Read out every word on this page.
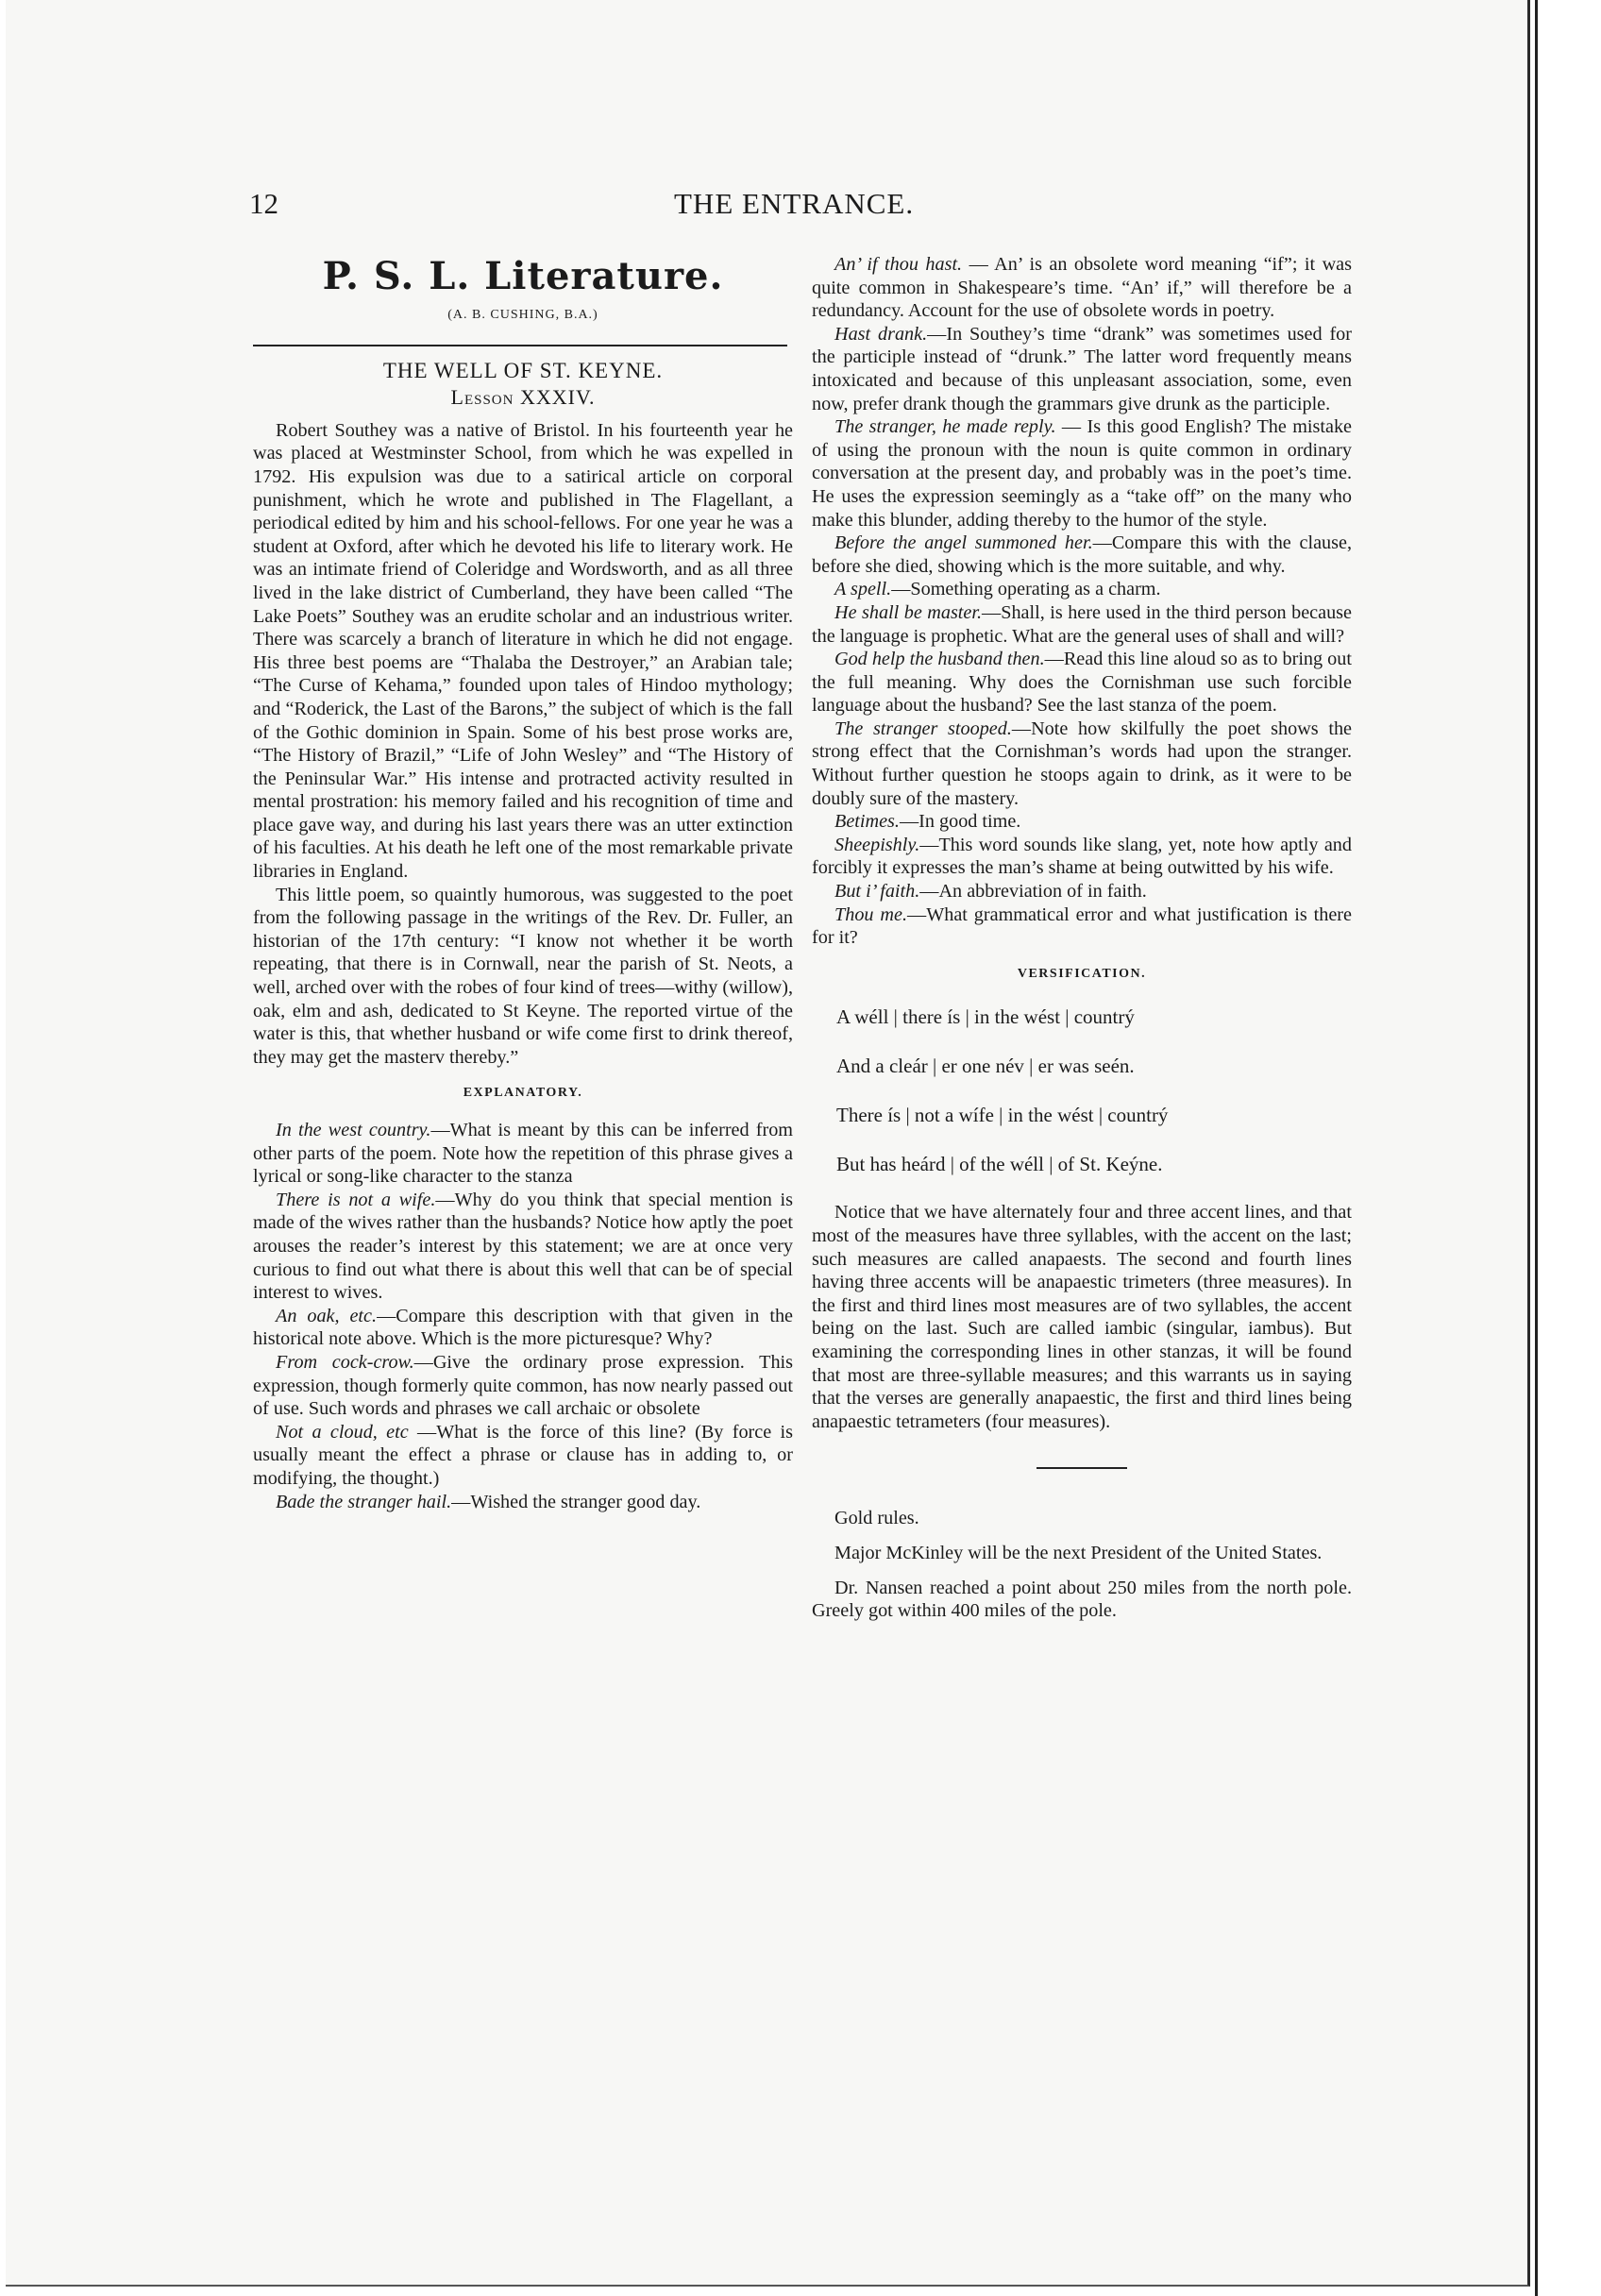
12	THE ENTRANCE.
P. S. L. Literature.
(A. B. CUSHING, B.A.)
THE WELL OF ST. KEYNE.
Lesson XXXIV.

Robert Southey was a native of Bristol. In his fourteenth year he was placed at Westminster School, from which he was expelled in 1792. His expulsion was due to a satirical article on corporal punishment, which he wrote and published in The Flagellant, a periodical edited by him and his school-fellows. For one year he was a student at Oxford, after which he devoted his life to literary work. He was an intimate friend of Coleridge and Wordsworth, and as all three lived in the lake district of Cumberland, they have been called “The Lake Poets” Southey was an erudite scholar and an industrious writer. There was scarcely a branch of literature in which he did not engage. His three best poems are “Thalaba the Destroyer,” an Arabian tale; “The Curse of Kehama,” founded upon tales of Hindoo mythology; and “Roderick, the Last of the Barons,” the subject of which is the fall of the Gothic dominion in Spain. Some of his best prose works are, “The History of Brazil,” “Life of John Wesley” and “The History of the Peninsular War.” His intense and protracted activity resulted in mental prostration: his memory failed and his recognition of time and place gave way, and during his last years there was an utter extinction of his faculties. At his death he left one of the most remarkable private libraries in England.

This little poem, so quaintly humorous, was suggested to the poet from the following passage in the writings of the Rev. Dr. Fuller, an historian of the 17th century: “I know not whether it be worth repeating, that there is in Cornwall, near the parish of St. Neots, a well, arched over with the robes of four kind of trees—withy (willow), oak, elm and ash, dedicated to St Keyne. The reported virtue of the water is this, that whether husband or wife come first to drink thereof, they may get the masterv thereby.”

EXPLANATORY.

In the west country.—What is meant by this can be inferred from other parts of the poem. Note how the repetition of this phrase gives a lyrical or song-like character to the stanza

There is not a wife.—Why do you think that special mention is made of the wives rather than the husbands? Notice how aptly the poet arouses the reader’s interest by this statement; we are at once very curious to find out what there is about this well that can be of special interest to wives.

An oak, etc.—Compare this description with that given in the historical note above. Which is the more picturesque? Why?

From cock-crow.—Give the ordinary prose expression. This expression, though formerly quite common, has now nearly passed out of use. Such words and phrases we call archaic or obsolete

Not a cloud, etc —What is the force of this line? (By force is usually meant the effect a phrase or clause has in adding to, or modifying, the thought.)

Bade the stranger hail.—Wished the stranger good day.

An’ if thou hast. — An’ is an obsolete word meaning “if”; it was quite common in Shakespeare’s time. “An’ if,” will therefore be a redundancy. Account for the use of obsolete words in poetry.

Hast drank.—In Southey’s time “drank” was sometimes used for the participle instead of “drunk.” The latter word frequently means intoxicated and because of this unpleasant association, some, even now, prefer drank though the grammars give drunk as the participle.

The stranger, he made reply. — Is this good English? The mistake of using the pronoun with the noun is quite common in ordinary conversation at the present day, and probably was in the poet’s time. He uses the expression seemingly as a “take off” on the many who make this blunder, adding thereby to the humor of the style.

Before the angel summoned her.—Compare this with the clause, before she died, showing which is the more suitable, and why.

A spell.—Something operating as a charm.

He shall be master.—Shall, is here used in the third person because the language is prophetic. What are the general uses of shall and will?

God help the husband then.—Read this line aloud so as to bring out the full meaning. Why does the Cornishman use such forcible language about the husband? See the last stanza of the poem.

The stranger stooped.—Note how skilfully the poet shows the strong effect that the Cornishman’s words had upon the stranger. Without further question he stoops again to drink, as it were to be doubly sure of the mastery.

Betimes.—In good time.

Sheepishly.—This word sounds like slang, yet, note how aptly and forcibly it expresses the man’s shame at being outwitted by his wife.

But i’ faith.—An abbreviation of in faith.

Thou me.—What grammatical error and what justification is there for it?

VERSIFICATION.
A wéll | there ís | in the wést | countrý
And a cleár | er one név | er was seén.
There ís | not a wífe | in the wést | countrý
But has heárd | of the wéll | of St. Keýne.

Notice that we have alternately four and three accent lines, and that most of the measures have three syllables, with the accent on the last; such measures are called anapaests. The second and fourth lines having three accents will be anapaestic trimeters (three measures). In the first and third lines most measures are of two syllables, the accent being on the last. Such are called iambic (singular, iambus). But examining the corresponding lines in other stanzas, it will be found that most are three-syllable measures; and this warrants us in saying that the verses are generally anapaestic, the first and third lines being anapaestic tetrameters (four measures).

Gold rules.

Major McKinley will be the next President of the United States.

Dr. Nansen reached a point about 250 miles from the north pole. Greely got within 400 miles of the pole.
